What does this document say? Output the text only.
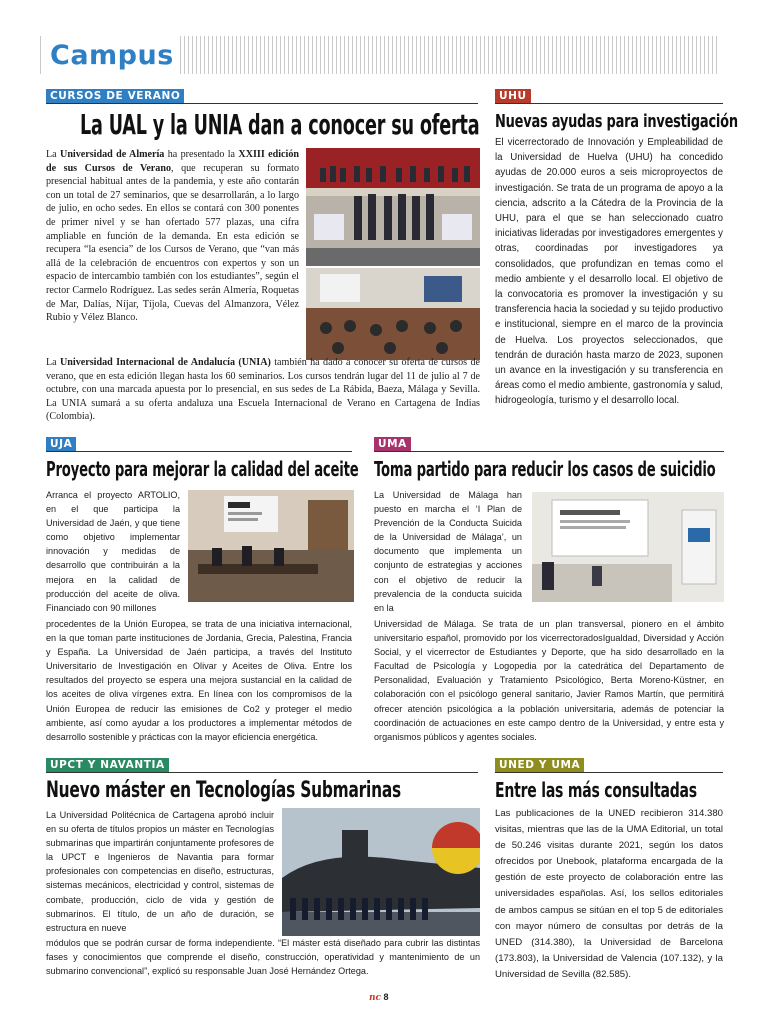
Campus
CURSOS DE VERANO
La UAL y la UNIA dan a conocer su oferta
La Universidad de Almería ha presentado la XXIII edición de sus Cursos de Verano, que recuperan su formato presencial habitual antes de la pandemia, y este año contarán con un total de 27 seminarios, que se desarrollarán, a lo largo de julio, en ocho sedes. En ellos se contará con 300 ponentes de primer nivel y se han ofertado 577 plazas, una cifra ampliable en función de la demanda. En esta edición se recupera “la esencia” de los Cursos de Verano, que “van más allá de la celebración de encuentros con expertos y son un espacio de intercambio también con los estudiantes”, según el rector Carmelo Rodríguez. Las sedes serán Almería, Roquetas de Mar, Dalías, Níjar, Tíjola, Cuevas del Almanzora, Vélez Rubio y Vélez Blanco.
La Universidad Internacional de Andalucía (UNIA) también ha dado a conocer su oferta de cursos de verano, que en esta edición llegan hasta los 60 seminarios. Los cursos tendrán lugar del 11 de julio al 7 de octubre, con una marcada apuesta por lo presencial, en sus sedes de La Rábida, Baeza, Málaga y Sevilla. La UNIA sumará a su oferta andaluza una Escuela Internacional de Verano en Cartagena de Indias (Colombia).
UHU
Nuevas ayudas para investigación
El vicerrectorado de Innovación y Empleabilidad de la Universidad de Huelva (UHU) ha concedido ayudas de 20.000 euros a seis microproyectos de investigación. Se trata de un programa de apoyo a la ciencia, adscrito a la Cátedra de la Provincia de la UHU, para el que se han seleccionado cuatro iniciativas lideradas por investigadores emergentes y otras, coordinadas por investigadores ya consolidados, que profundizan en temas como el medio ambiente y el desarrollo local. El objetivo de la convocatoria es promover la investigación y su transferencia hacia la sociedad y su tejido productivo e institucional, siempre en el marco de la provincia de Huelva. Los proyectos seleccionados, que tendrán de duración hasta marzo de 2023, suponen un avance en la investigación y su transferencia en áreas como el medio ambiente, gastronomía y salud, hidrogeología, turismo y el desarrollo local.
UJA
Proyecto para mejorar la calidad del aceite
Arranca el proyecto ARTOLIO, en el que participa la Universidad de Jaén, y que tiene como objetivo implementar innovación y medidas de desarrollo que contribuirán a la mejora en la calidad de producción del aceite de oliva. Financiado con 90 millones
procedentes de la Unión Europea, se trata de una iniciativa internacional, en la que toman parte instituciones de Jordania, Grecia, Palestina, Francia y España. La Universidad de Jaén participa, a través del Instituto Universitario de Investigación en Olivar y Aceites de Oliva. Entre los resultados del proyecto se espera una mejora sustancial en la calidad de los aceites de oliva vírgenes extra. En línea con los compromisos de la Unión Europea de reducir las emisiones de Co2 y proteger el medio ambiente, así como ayudar a los productores a implementar métodos de desarrollo sostenible y prácticas con la mayor eficiencia energética.
UMA
Toma partido para reducir los casos de suicidio
La Universidad de Málaga han puesto en marcha el ‘I Plan de Prevención de la Conducta Suicida de la Universidad de Málaga’, un documento que implementa un conjunto de estrategias y acciones con el objetivo de reducir la prevalencia de la conducta suicida en la
Universidad de Málaga. Se trata de un plan transversal, pionero en el ámbito universitario español, promovido por los vicerrectoradosIgualdad, Diversidad y Acción Social, y el vicerrector de Estudiantes y Deporte, que ha sido desarrollado en la Facultad de Psicología y Logopedia por la catedrática del Departamento de Personalidad, Evaluación y Tratamiento Psicológico, Berta Moreno-Küstner, en colaboración con el psicólogo general sanitario, Javier Ramos Martín, que permitirá ofrecer atención psicológica a la población universitaria, además de potenciar la coordinación de actuaciones en este campo dentro de la Universidad, y entre esta y organismos públicos y agentes sociales.
UPCT Y NAVANTIA
Nuevo máster en Tecnologías Submarinas
La Universidad Politécnica de Cartagena aprobó incluir en su oferta de títulos propios un máster en Tecnologías submarinas que impartirán conjuntamente profesores de la UPCT e Ingenieros de Navantia para formar profesionales con competencias en diseño, estructuras, sistemas mecánicos, electricidad y control, sistemas de combate, producción, ciclo de vida y gestión de submarinos. El título, de un año de duración, se estructura en nueve
módulos que se podrán cursar de forma independiente. “El máster está diseñado para cubrir las distintas fases y conocimientos que comprende el diseño, construcción, operatividad y mantenimiento de un submarino convencional”, explicó su responsable Juan José Hernández Ortega.
UNED Y UMA
Entre las más consultadas
Las publicaciones de la UNED recibieron 314.380 visitas, mientras que las de la UMA Editorial, un total de 50.246 visitas durante 2021, según los datos ofrecidos por Unebook, plataforma encargada de la gestión de este proyecto de colaboración entre las universidades españolas. Así, los sellos editoriales de ambos campus se sitúan en el top 5 de editoriales con mayor número de consultas por detrás de la UNED (314.380), la Universidad de Barcelona (173.803), la Universidad de Valencia (107.132), y la Universidad de Sevilla (82.585).
nc 8
